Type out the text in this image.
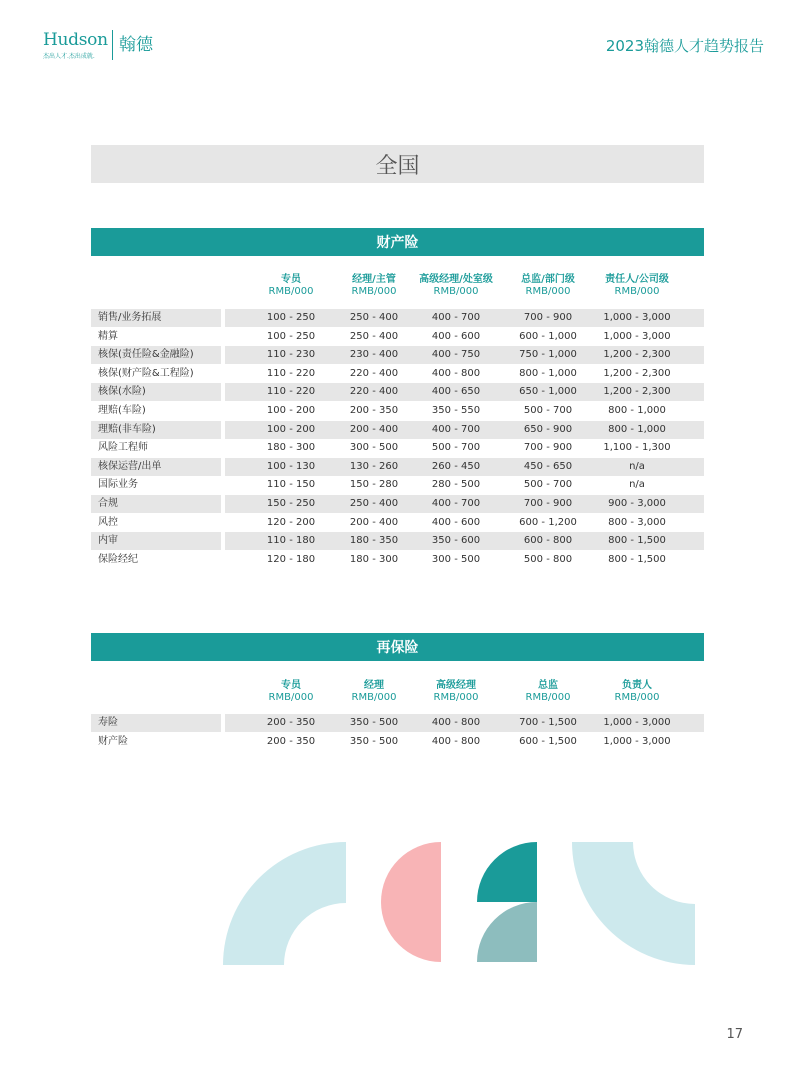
Hudson 翰德
杰出人才.杰出成就.
2023翰德人才趋势报告
全国
财产险
专员
RMB/000
经理/主管
RMB/000
高级经理/处室级
RMB/000
总监/部门级
RMB/000
责任人/公司级
RMB/000
销售/业务拓展	100 - 250	250 - 400	400 - 700	700 - 900	1,000 - 3,000
精算	100 - 250	250 - 400	400 - 600	600 - 1,000	1,000 - 3,000
核保(责任险&金融险)	110 - 230	230 - 400	400 - 750	750 - 1,000	1,200 - 2,300
核保(财产险&工程险)	110 - 220	220 - 400	400 - 800	800 - 1,000	1,200 - 2,300
核保(水险)	110 - 220	220 - 400	400 - 650	650 - 1,000	1,200 - 2,300
理赔(车险)	100 - 200	200 - 350	350 - 550	500 - 700	800 - 1,000
理赔(非车险)	100 - 200	200 - 400	400 - 700	650 - 900	800 - 1,000
风险工程师	180 - 300	300 - 500	500 - 700	700 - 900	1,100 - 1,300
核保运营/出单	100 - 130	130 - 260	260 - 450	450 - 650	n/a
国际业务	110 - 150	150 - 280	280 - 500	500 - 700	n/a
合规	150 - 250	250 - 400	400 - 700	700 - 900	900 - 3,000
风控	120 - 200	200 - 400	400 - 600	600 - 1,200	800 - 3,000
内审	110 - 180	180 - 350	350 - 600	600 - 800	800 - 1,500
保险经纪	120 - 180	180 - 300	300 - 500	500 - 800	800 - 1,500
再保险
专员
RMB/000
经理
RMB/000
高级经理
RMB/000
总监
RMB/000
负责人
RMB/000
寿险	200 - 350	350 - 500	400 - 800	700 - 1,500	1,000 - 3,000
财产险	200 - 350	350 - 500	400 - 800	600 - 1,500	1,000 - 3,000
17
